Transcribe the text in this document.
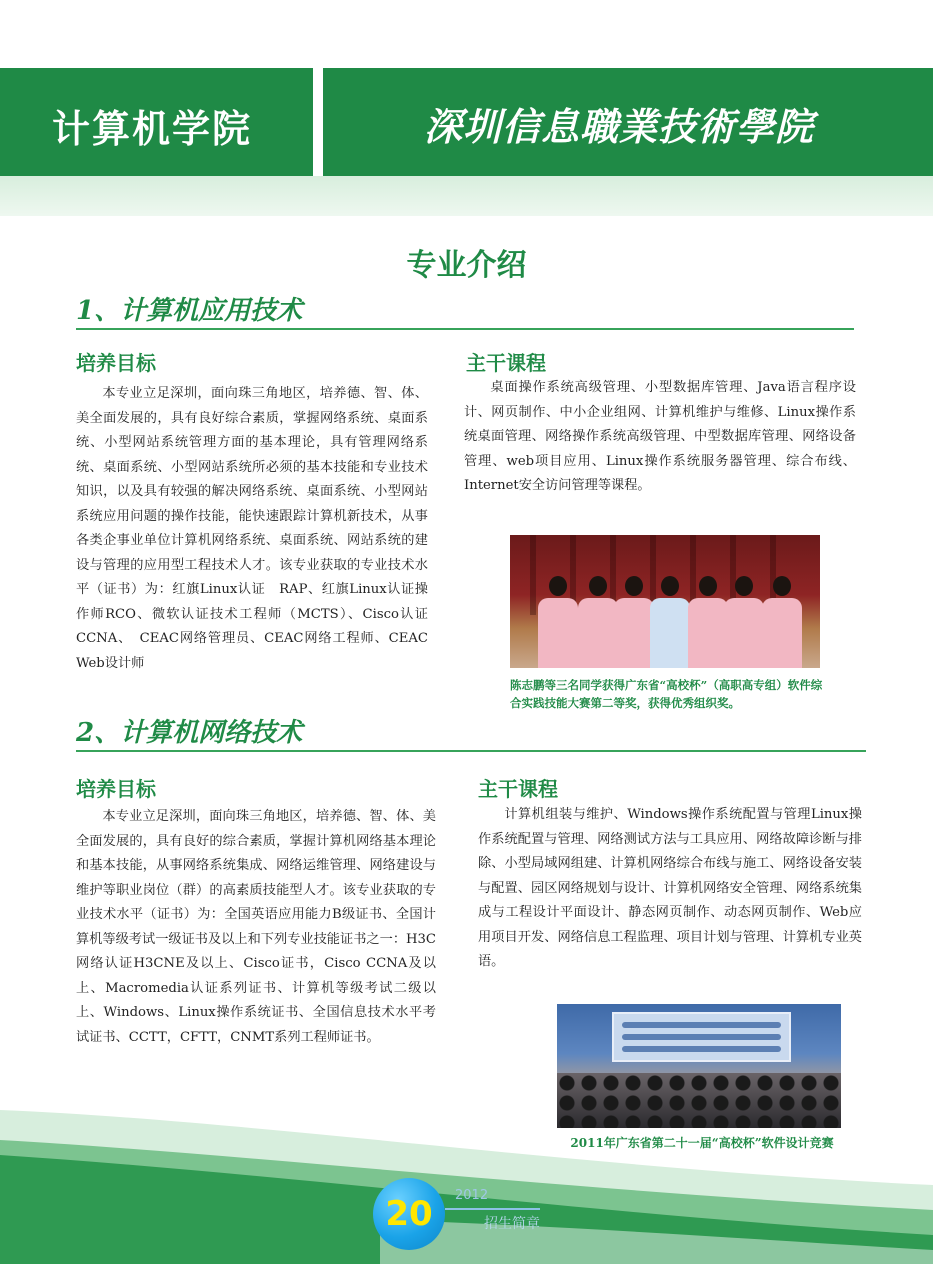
计算机学院	深圳信息職業技術學院
专业介绍
1、计算机应用技术
培养目标
本专业立足深圳，面向珠三角地区，培养德、智、体、美全面发展的，具有良好综合素质，掌握网络系统、桌面系统、小型网站系统管理方面的基本理论，具有管理网络系统、桌面系统、小型网站系统所必须的基本技能和专业技术知识，以及具有较强的解决网络系统、桌面系统、小型网站系统应用问题的操作技能，能快速跟踪计算机新技术，从事各类企事业单位计算机网络系统、桌面系统、网站系统的建设与管理的应用型工程技术人才。该专业获取的专业技术水平（证书）为：红旗Linux认证　RAP、红旗Linux认证操作师RCO、微软认证技术工程师（MCTS）、Cisco认证CCNA、　CEAC网络管理员、CEAC网络工程师、CEAC　Web设计师
主干课程
桌面操作系统高级管理、小型数据库管理、Java语言程序设计、网页制作、中小企业组网、计算机维护与维修、Linux操作系统桌面管理、网络操作系统高级管理、中型数据库管理、网络设备管理、web项目应用、Linux操作系统服务器管理、综合布线、Internet安全访问管理等课程。
陈志鹏等三名同学获得广东省“高校杯”（高职高专组）软件综合实践技能大赛第二等奖，获得优秀组织奖。
2、计算机网络技术
培养目标
本专业立足深圳，面向珠三角地区，培养德、智、体、美全面发展的，具有良好的综合素质，掌握计算机网络基本理论和基本技能，从事网络系统集成、网络运维管理、网络建设与维护等职业岗位（群）的高素质技能型人才。该专业获取的专业技术水平（证书）为：全国英语应用能力B级证书、全国计算机等级考试一级证书及以上和下列专业技能证书之一：H3C网络认证H3CNE及以上、Cisco证书，Cisco CCNA及以上、Macromedia认证系列证书、计算机等级考试二级以上、Windows、Linux操作系统证书、全国信息技术水平考试证书、CCTT，CFTT，CNMT系列工程师证书。
主干课程
计算机组装与维护、Windows操作系统配置与管理Linux操作系统配置与管理、网络测试方法与工具应用、网络故障诊断与排除、小型局域网组建、计算机网络综合布线与施工、网络设备安装与配置、园区网络规划与设计、计算机网络安全管理、网络系统集成与工程设计平面设计、静态网页制作、动态网页制作、Web应用项目开发、网络信息工程监理、项目计划与管理、计算机专业英语。
2011年广东省第二十一届“高校杯”软件设计竞赛
20	2012
招生简章
